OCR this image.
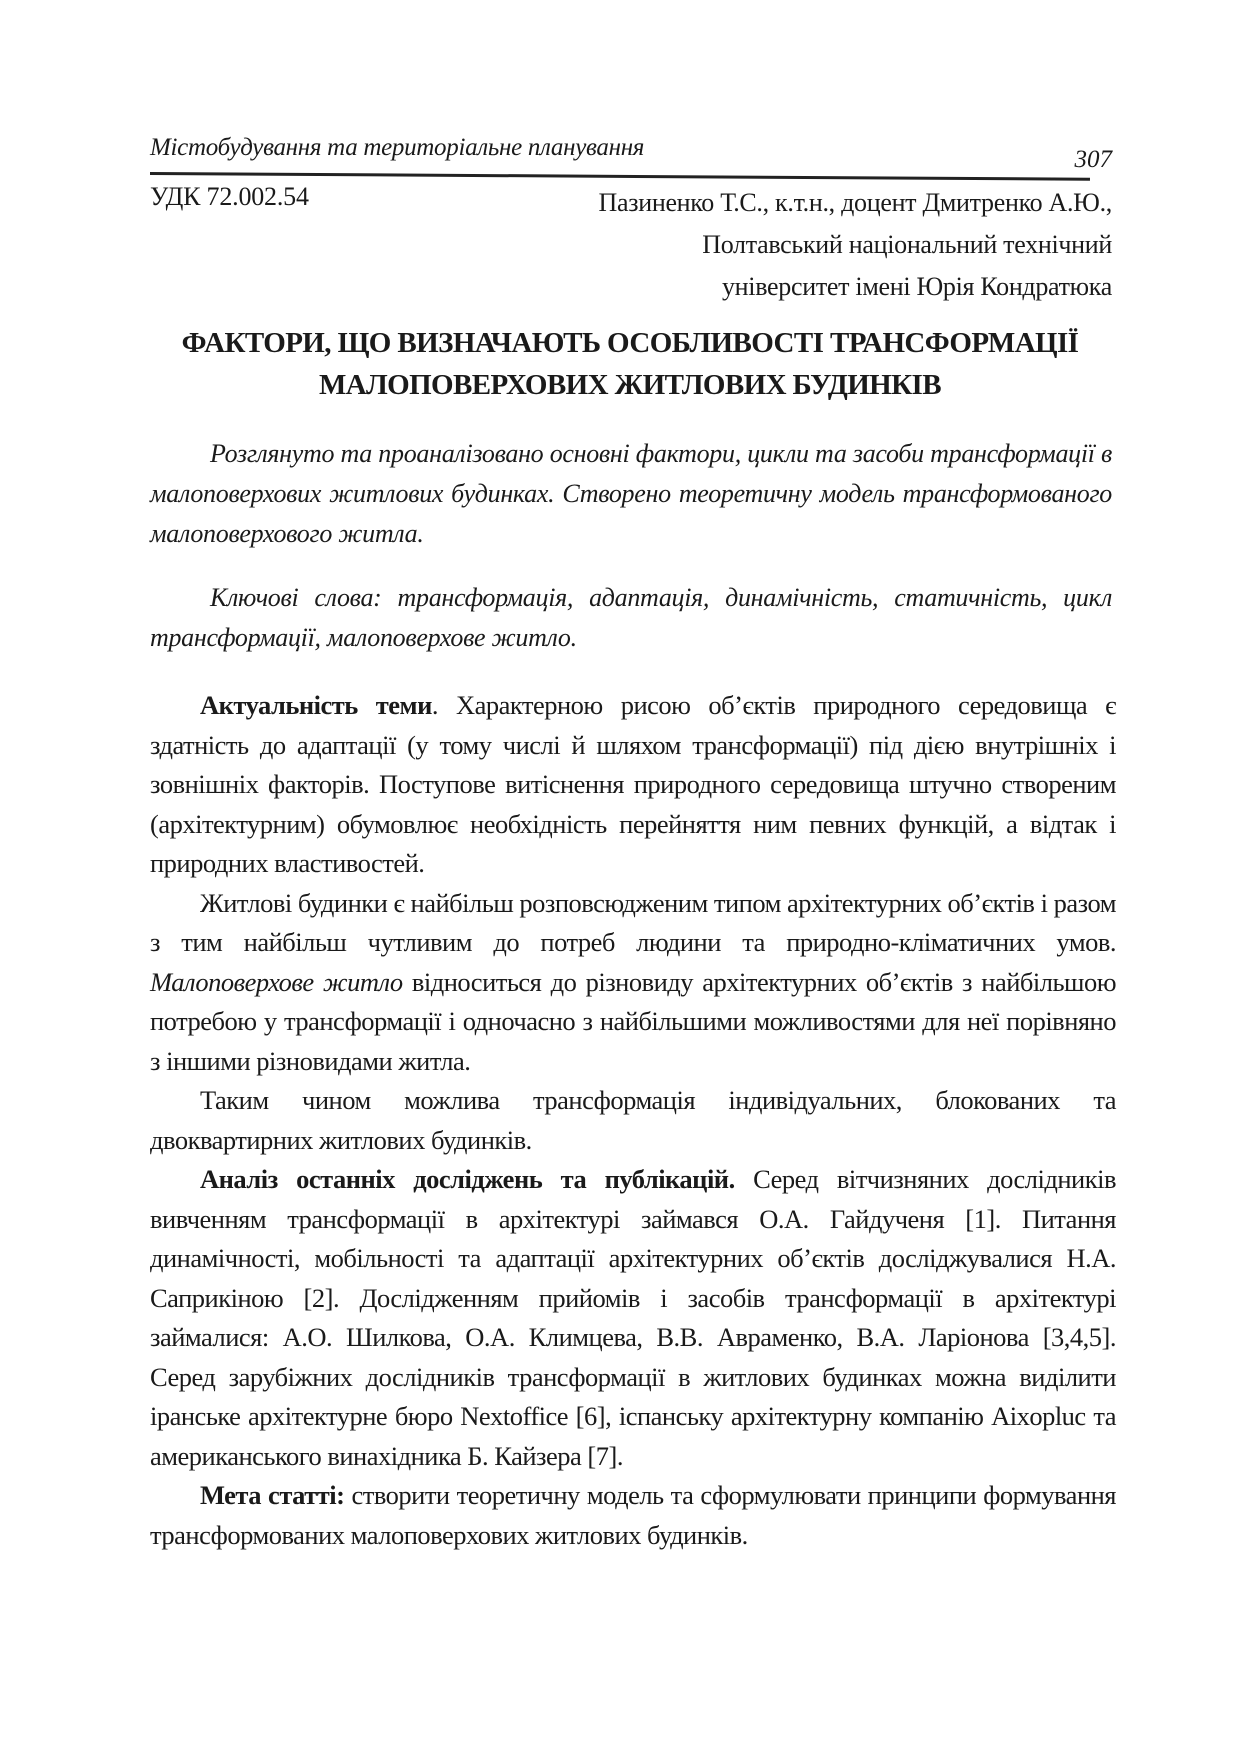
Містобудування та територіальне планування	307
УДК 72.002.54	Пазиненко Т.С., к.т.н., доцент Дмитренко А.Ю.,
Полтавський національний технічний
університет імені Юрія Кондратюка
ФАКТОРИ, ЩО ВИЗНАЧАЮТЬ ОСОБЛИВОСТІ ТРАНСФОРМАЦІЇ
МАЛОПОВЕРХОВИХ ЖИТЛОВИХ БУДИНКІВ
Розглянуто та проаналізовано основні фактори, цикли та засоби трансформації в малоповерхових житлових будинках. Створено теоретичну модель трансформованого малоповерхового житла.
Ключові слова: трансформація, адаптація, динамічність, статичність, цикл трансформації, малоповерхове житло.

Актуальність теми. Характерною рисою об’єктів природного середовища є здатність до адаптації (у тому числі й шляхом трансформації) під дією внутрішніх і зовнішніх факторів. Поступове витіснення природного середовища штучно створеним (архітектурним) обумовлює необхідність перейняття ним певних функцій, а відтак і природних властивостей.

Житлові будинки є найбільш розповсюдженим типом архітектурних об’єктів і разом з тим найбільш чутливим до потреб людини та природно-кліматичних умов. Малоповерхове житло відноситься до різновиду архітектурних об’єктів з найбільшою потребою у трансформації і одночасно з найбільшими можливостями для неї порівняно з іншими різновидами житла.

Таким чином можлива трансформація індивідуальних, блокованих та двоквартирних житлових будинків.

Аналіз останніх досліджень та публікацій. Серед вітчизняних дослідників вивченням трансформації в архітектурі займався О.А. Гайдученя [1]. Питання динамічності, мобільності та адаптації архітектурних об’єктів досліджувалися Н.А. Саприкіною [2]. Дослідженням прийомів і засобів трансформації в архітектурі займалися: А.О. Шилкова, О.А. Климцева, В.В. Авраменко, В.А. Ларіонова [3,4,5]. Серед зарубіжних дослідників трансформації в житлових будинках можна виділити іранське архітектурне бюро Nextoffice [6], іспанську архітектурну компанію Aixopluc та американського винахідника Б. Кайзера [7].

Мета статті: створити теоретичну модель та сформулювати принципи формування трансформованих малоповерхових житлових будинків.
